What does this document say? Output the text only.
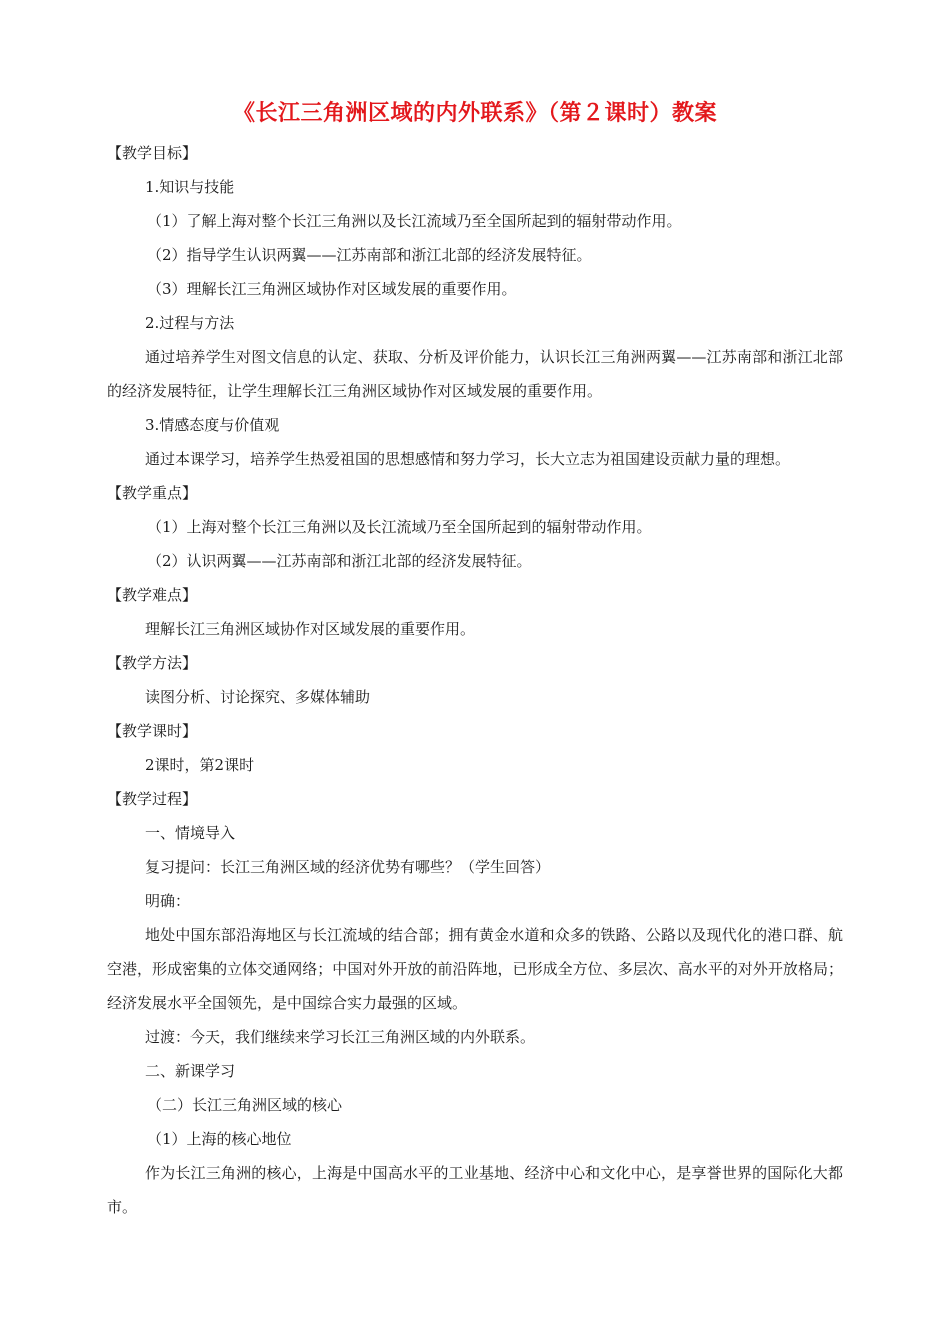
《长江三角洲区域的内外联系》（第２课时）教案

【教学目标】

1.知识与技能

（1）了解上海对整个长江三角洲以及长江流域乃至全国所起到的辐射带动作用。

（2）指导学生认识两翼——江苏南部和浙江北部的经济发展特征。

（3）理解长江三角洲区域协作对区域发展的重要作用。

2.过程与方法

通过培养学生对图文信息的认定、获取、分析及评价能力，认识长江三角洲两翼——江苏南部和浙江北部的经济发展特征，让学生理解长江三角洲区域协作对区域发展的重要作用。

3.情感态度与价值观

通过本课学习，培养学生热爱祖国的思想感情和努力学习，长大立志为祖国建设贡献力量的理想。

【教学重点】

（1）上海对整个长江三角洲以及长江流域乃至全国所起到的辐射带动作用。

（2）认识两翼——江苏南部和浙江北部的经济发展特征。

【教学难点】

理解长江三角洲区域协作对区域发展的重要作用。

【教学方法】

读图分析、讨论探究、多媒体辅助

【教学课时】

2课时，第2课时

【教学过程】

一、情境导入

复习提问：长江三角洲区域的经济优势有哪些？（学生回答）

明确：

地处中国东部沿海地区与长江流域的结合部；拥有黄金水道和众多的铁路、公路以及现代化的港口群、航空港，形成密集的立体交通网络；中国对外开放的前沿阵地，已形成全方位、多层次、高水平的对外开放格局；经济发展水平全国领先，是中国综合实力最强的区域。

过渡：今天，我们继续来学习长江三角洲区域的内外联系。

二、新课学习

（二）长江三角洲区域的核心

（1）上海的核心地位

作为长江三角洲的核心，上海是中国高水平的工业基地、经济中心和文化中心，是享誉世界的国际化大都市。
